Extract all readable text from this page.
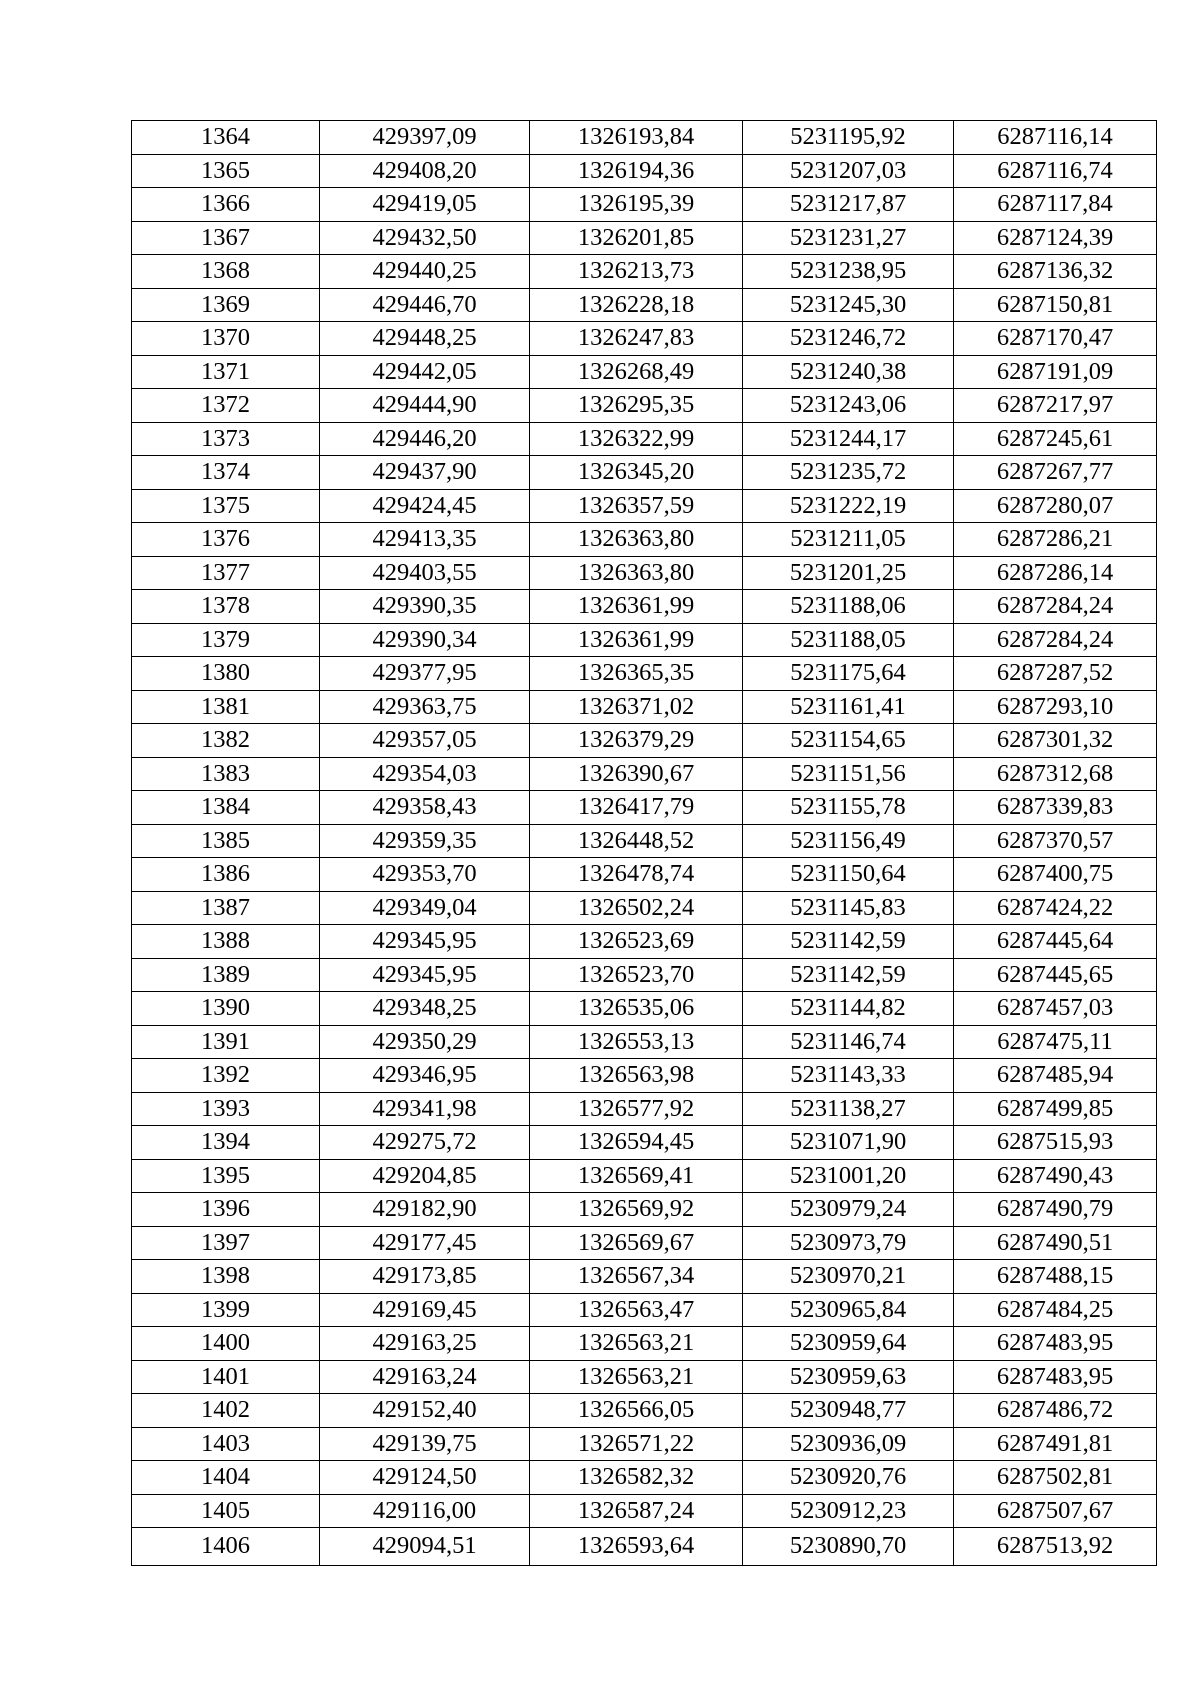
1364	429397,09	1326193,84	5231195,92	6287116,14
1365	429408,20	1326194,36	5231207,03	6287116,74
1366	429419,05	1326195,39	5231217,87	6287117,84
1367	429432,50	1326201,85	5231231,27	6287124,39
1368	429440,25	1326213,73	5231238,95	6287136,32
1369	429446,70	1326228,18	5231245,30	6287150,81
1370	429448,25	1326247,83	5231246,72	6287170,47
1371	429442,05	1326268,49	5231240,38	6287191,09
1372	429444,90	1326295,35	5231243,06	6287217,97
1373	429446,20	1326322,99	5231244,17	6287245,61
1374	429437,90	1326345,20	5231235,72	6287267,77
1375	429424,45	1326357,59	5231222,19	6287280,07
1376	429413,35	1326363,80	5231211,05	6287286,21
1377	429403,55	1326363,80	5231201,25	6287286,14
1378	429390,35	1326361,99	5231188,06	6287284,24
1379	429390,34	1326361,99	5231188,05	6287284,24
1380	429377,95	1326365,35	5231175,64	6287287,52
1381	429363,75	1326371,02	5231161,41	6287293,10
1382	429357,05	1326379,29	5231154,65	6287301,32
1383	429354,03	1326390,67	5231151,56	6287312,68
1384	429358,43	1326417,79	5231155,78	6287339,83
1385	429359,35	1326448,52	5231156,49	6287370,57
1386	429353,70	1326478,74	5231150,64	6287400,75
1387	429349,04	1326502,24	5231145,83	6287424,22
1388	429345,95	1326523,69	5231142,59	6287445,64
1389	429345,95	1326523,70	5231142,59	6287445,65
1390	429348,25	1326535,06	5231144,82	6287457,03
1391	429350,29	1326553,13	5231146,74	6287475,11
1392	429346,95	1326563,98	5231143,33	6287485,94
1393	429341,98	1326577,92	5231138,27	6287499,85
1394	429275,72	1326594,45	5231071,90	6287515,93
1395	429204,85	1326569,41	5231001,20	6287490,43
1396	429182,90	1326569,92	5230979,24	6287490,79
1397	429177,45	1326569,67	5230973,79	6287490,51
1398	429173,85	1326567,34	5230970,21	6287488,15
1399	429169,45	1326563,47	5230965,84	6287484,25
1400	429163,25	1326563,21	5230959,64	6287483,95
1401	429163,24	1326563,21	5230959,63	6287483,95
1402	429152,40	1326566,05	5230948,77	6287486,72
1403	429139,75	1326571,22	5230936,09	6287491,81
1404	429124,50	1326582,32	5230920,76	6287502,81
1405	429116,00	1326587,24	5230912,23	6287507,67
1406	429094,51	1326593,64	5230890,70	6287513,92
